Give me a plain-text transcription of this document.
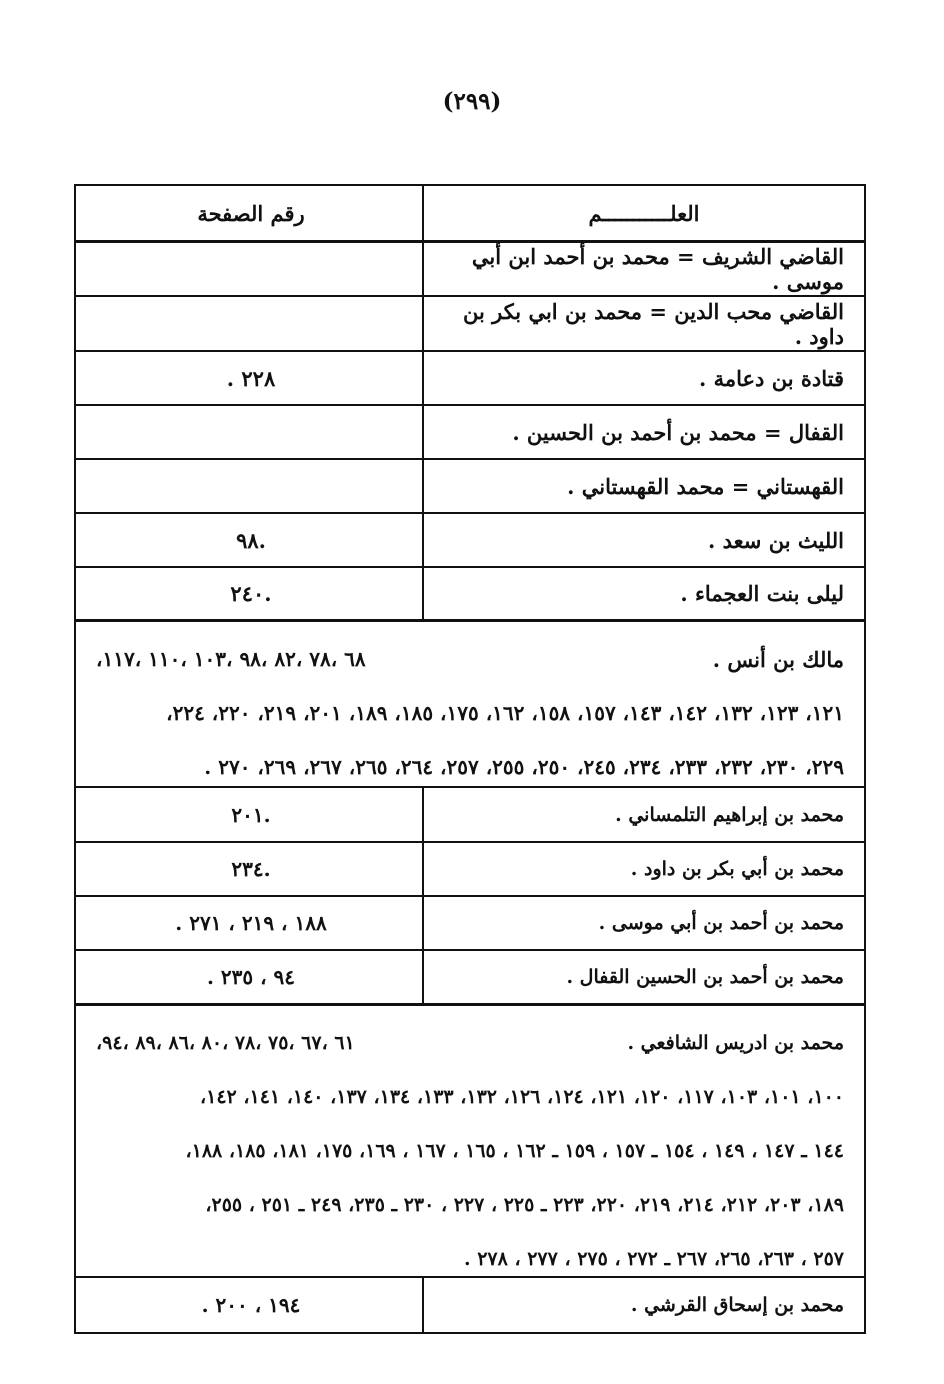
(٢٩٩)
العلـــــــــــم
رقم الصفحة
القاضي الشريف = محمد بن أحمد ابن أبي موسى .
القاضي محب الدين = محمد بن ابي بكر بن داود .
قتادة بن دعامة .
٢٢٨ .
القفال = محمد بن أحمد بن الحسين .
القهستاني = محمد القهستاني .
الليث بن سعد .
.٩٨
ليلى بنت العجماء .
.٢٤٠
مالك بن أنس .
٦٨ ،٧٨ ،٨٢ ،٩٨ ،١٠٣ ،١١٠ ،١١٧،
١٢١، ١٢٣، ١٣٢، ١٤٢، ١٤٣، ١٥٧، ١٥٨، ١٦٢، ١٧٥، ١٨٥، ١٨٩، ٢٠١، ٢١٩، ٢٢٠، ٢٢٤،
٢٢٩، ٢٣٠، ٢٣٢، ٢٣٣، ٢٣٤، ٢٤٥، ٢٥٠، ٢٥٥، ٢٥٧، ٢٦٤، ٢٦٥، ٢٦٧، ٢٦٩، ٢٧٠ .
محمد بن إبراهيم التلمساني .
.٢٠١
محمد بن أبي بكر بن داود .
.٢٣٤
محمد بن أحمد بن أبي موسى .
١٨٨ ، ٢١٩ ، ٢٧١ .
محمد بن أحمد بن الحسين القفال .
٩٤ ، ٢٣٥ .
محمد بن ادريس الشافعي .
٦١ ،٦٧ ،٧٥ ،٧٨ ،٨٠ ،٨٦ ،٨٩ ،٩٤،
١٠٠، ١٠١، ١٠٣، ١١٧، ١٢٠، ١٢١، ١٢٤، ١٢٦، ١٣٢، ١٣٣، ١٣٤، ١٣٧، ١٤٠، ١٤١، ١٤٢،
١٤٤ ـ ١٤٧ ، ١٤٩ ، ١٥٤ ـ ١٥٧ ، ١٥٩ ـ ١٦٢ ، ١٦٥ ، ١٦٧ ، ١٦٩، ١٧٥، ١٨١، ١٨٥، ١٨٨،
١٨٩، ٢٠٣، ٢١٢، ٢١٤، ٢١٩، ٢٢٠، ٢٢٣ ـ ٢٢٥ ، ٢٢٧ ، ٢٣٠ ـ ٢٣٥، ٢٤٩ ـ ٢٥١ ، ٢٥٥،
٢٥٧ ، ٢٦٣، ٢٦٥، ٢٦٧ ـ ٢٧٢ ، ٢٧٥ ، ٢٧٧ ، ٢٧٨ .
محمد بن إسحاق القرشي .
١٩٤ ، ٢٠٠ .
